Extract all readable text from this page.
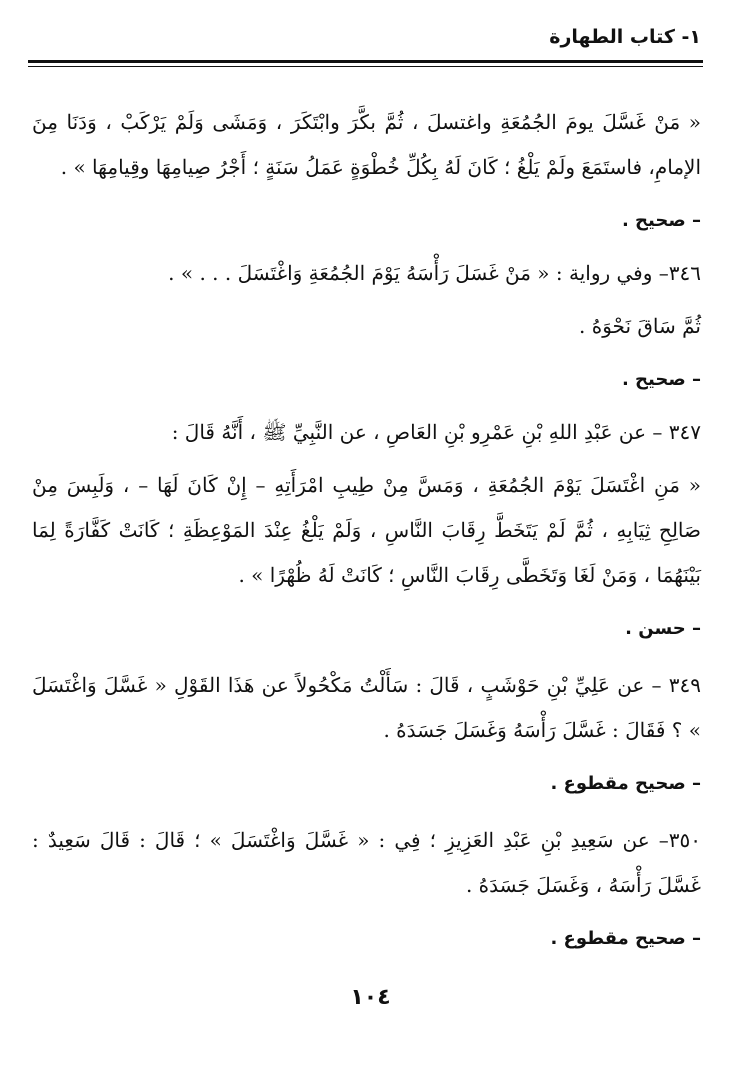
١- كتاب الطهارة

« مَنْ غَسَّلَ يومَ الجُمُعَةِ واغتسلَ ، ثُمَّ بكَّرَ وابْتَكَرَ ، وَمَشَى وَلَمْ يَرْكَبْ ، وَدَنَا مِنَ الإمامِ، فاستَمَعَ ولَمْ يَلْغُ ؛ كَانَ لَهُ بِكُلِّ خُطْوَةٍ عَمَلُ سَنَةٍ ؛ أَجْرُ صِيامِهَا وقِيامِهَا » .

– صحيح .

٣٤٦– وفي رواية : « مَنْ غَسَلَ رَأْسَهُ يَوْمَ الجُمُعَةِ وَاغْتَسَلَ . . . » .

ثُمَّ سَاقَ نَحْوَهُ .

– صحيح .

٣٤٧ – عن عَبْدِ اللهِ بْنِ عَمْرِو بْنِ العَاصِ ، عن النَّبِيِّ ﷺ ، أَنَّهُ قَالَ :

« مَنِ اغْتَسَلَ يَوْمَ الجُمُعَةِ ، وَمَسَّ مِنْ طِيبِ امْرَأَتِهِ – إِنْ كَانَ لَهَا – ، وَلَبِسَ مِنْ صَالِحِ ثِيَابِهِ ، ثُمَّ لَمْ يَتَخَطَّ رِقَابَ النَّاسِ ، وَلَمْ يَلْغُ عِنْدَ المَوْعِظَةِ ؛ كَانَتْ كَفَّارَةً لِمَا بَيْنَهُمَا ، وَمَنْ لَغَا وَتَخَطَّى رِقَابَ النَّاسِ ؛ كَانَتْ لَهُ ظُهْرًا » .

– حسن .

٣٤٩ – عن عَلِيِّ بْنِ حَوْشَبٍ ، قَالَ : سَأَلْتُ مَكْحُولاً عن هَذَا القَوْلِ « غَسَّلَ وَاغْتَسَلَ » ؟ فَقَالَ : غَسَّلَ رَأْسَهُ وَغَسَلَ جَسَدَهُ .

– صحيح مقطوع .

٣٥٠– عن سَعِيدِ بْنِ عَبْدِ العَزِيزِ ؛ فِي : « غَسَّلَ وَاغْتَسَلَ » ؛ قَالَ : قَالَ سَعِيدٌ : غَسَّلَ رَأْسَهُ ، وَغَسَلَ جَسَدَهُ .

– صحيح مقطوع .

١٠٤
